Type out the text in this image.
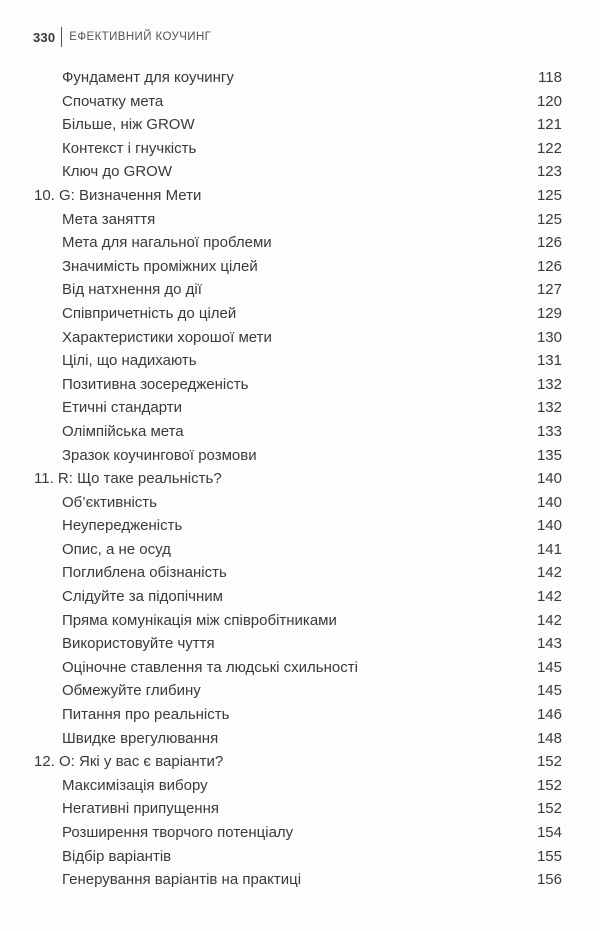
330 ЕФЕКТИВНИЙ КОУЧИНГ
Фундамент для коучингу	118
Спочатку мета	120
Більше, ніж GROW	121
Контекст і гнучкість	122
Ключ до GROW	123
10. G: Визначення Мети	125
Мета заняття	125
Мета для нагальної проблеми	126
Значимість проміжних цілей	126
Від натхнення до дії	127
Співпричетність до цілей	129
Характеристики хорошої мети	130
Цілі, що надихають	131
Позитивна зосередженість	132
Етичні стандарти	132
Олімпійська мета	133
Зразок коучингової розмови	135
11. R: Що таке реальність?	140
Об’єктивність	140
Неупередженість	140
Опис, а не осуд	141
Поглиблена обізнаність	142
Слідуйте за підопічним	142
Пряма комунікація між співробітниками	142
Використовуйте чуття	143
Оціночне ставлення та людські схильності	145
Обмежуйте глибину	145
Питання про реальність	146
Швидке врегулювання	148
12. O: Які у вас є варіанти?	152
Максимізація вибору	152
Негативні припущення	152
Розширення творчого потенціалу	154
Відбір варіантів	155
Генерування варіантів на практиці	156
